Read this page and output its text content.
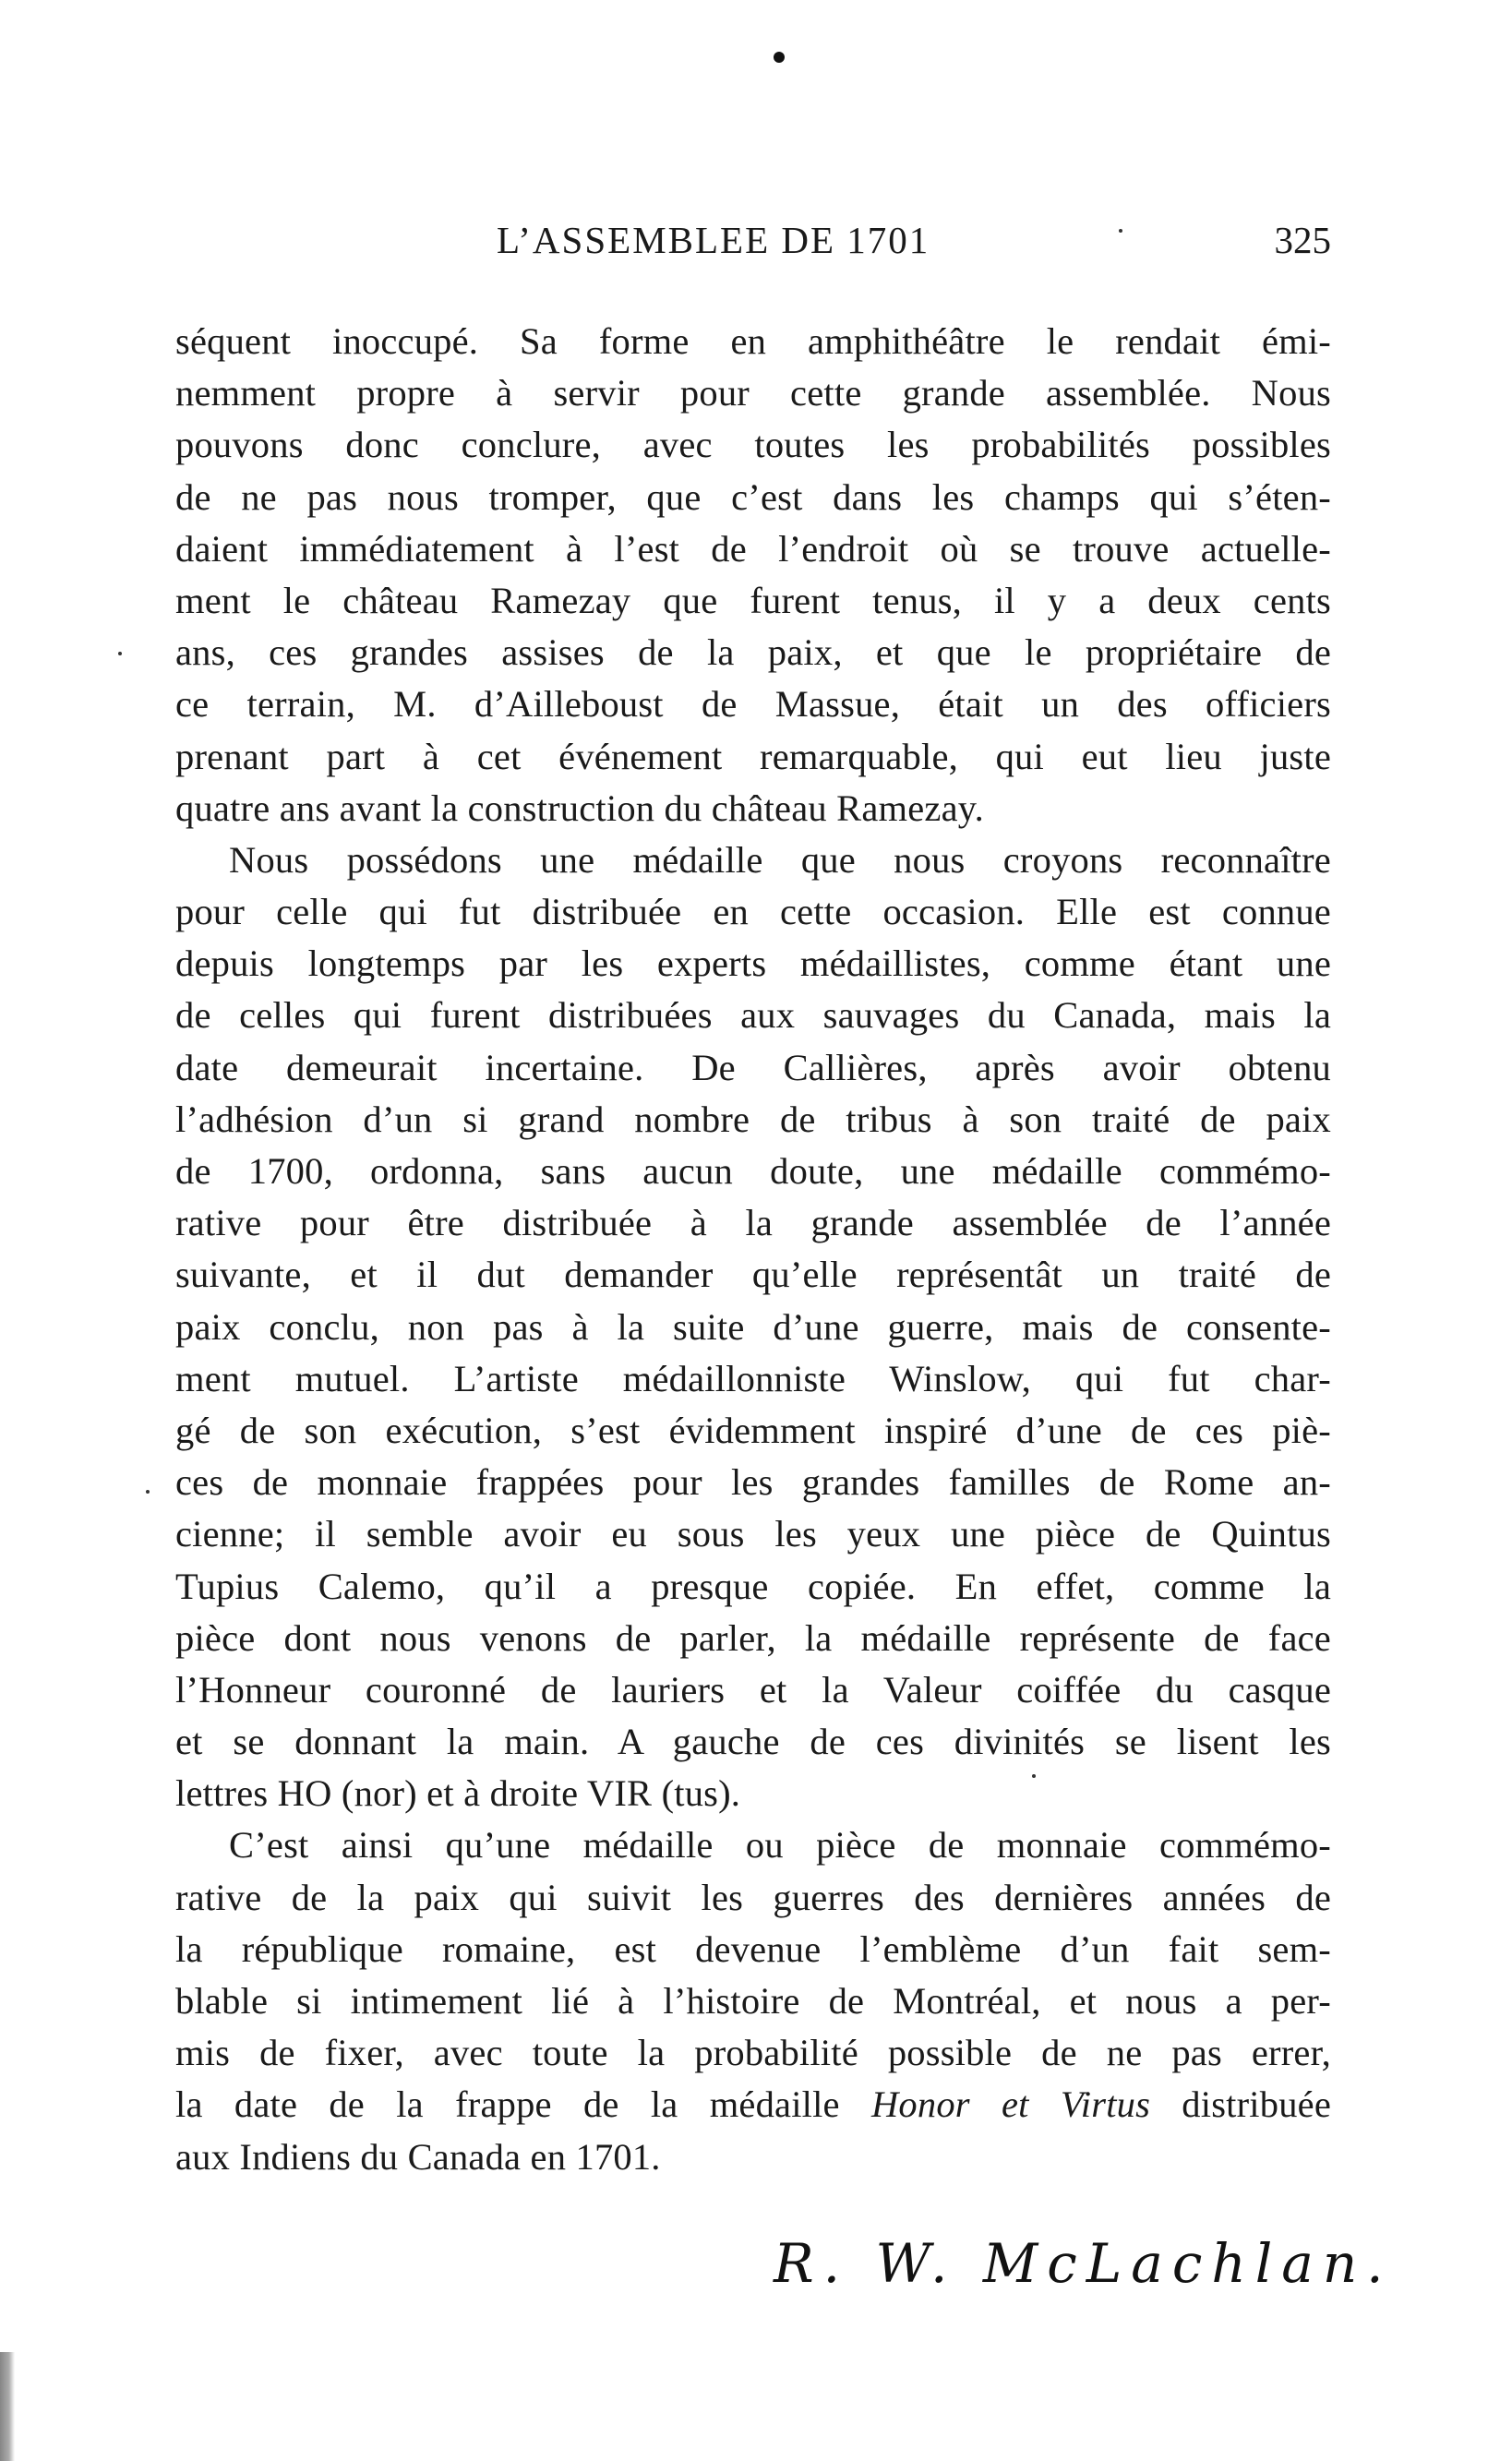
L’ASSEMBLEE DE 1701	325
séquent inoccupé. Sa forme en amphithéâtre le rendait émi-
nemment propre à servir pour cette grande assemblée. Nous
pouvons donc conclure, avec toutes les probabilités possibles
de ne pas nous tromper, que c’est dans les champs qui s’éten-
daient immédiatement à l’est de l’endroit où se trouve actuelle-
ment le château Ramezay que furent tenus, il y a deux cents
ans, ces grandes assises de la paix, et que le propriétaire de
ce terrain, M. d’Ailleboust de Massue, était un des officiers
prenant part à cet événement remarquable, qui eut lieu juste
quatre ans avant la construction du château Ramezay.
Nous possédons une médaille que nous croyons reconnaître
pour celle qui fut distribuée en cette occasion. Elle est connue
depuis longtemps par les experts médaillistes, comme étant une
de celles qui furent distribuées aux sauvages du Canada, mais la
date demeurait incertaine. De Callières, après avoir obtenu
l’adhésion d’un si grand nombre de tribus à son traité de paix
de 1700, ordonna, sans aucun doute, une médaille commémo-
rative pour être distribuée à la grande assemblée de l’année
suivante, et il dut demander qu’elle représentât un traité de
paix conclu, non pas à la suite d’une guerre, mais de consente-
ment mutuel. L’artiste médaillonniste Winslow, qui fut char-
gé de son exécution, s’est évidemment inspiré d’une de ces piè-
ces de monnaie frappées pour les grandes familles de Rome an-
cienne; il semble avoir eu sous les yeux une pièce de Quintus
Tupius Calemo, qu’il a presque copiée. En effet, comme la
pièce dont nous venons de parler, la médaille représente de face
l’Honneur couronné de lauriers et la Valeur coiffée du casque
et se donnant la main. A gauche de ces divinités se lisent les
lettres HO (nor) et à droite VIR (tus).
C’est ainsi qu’une médaille ou pièce de monnaie commémo-
rative de la paix qui suivit les guerres des dernières années de
la république romaine, est devenue l’emblème d’un fait sem-
blable si intimement lié à l’histoire de Montréal, et nous a per-
mis de fixer, avec toute la probabilité possible de ne pas errer,
la date de la frappe de la médaille Honor et Virtus distribuée
aux Indiens du Canada en 1701.
R. W. McLachlan.
